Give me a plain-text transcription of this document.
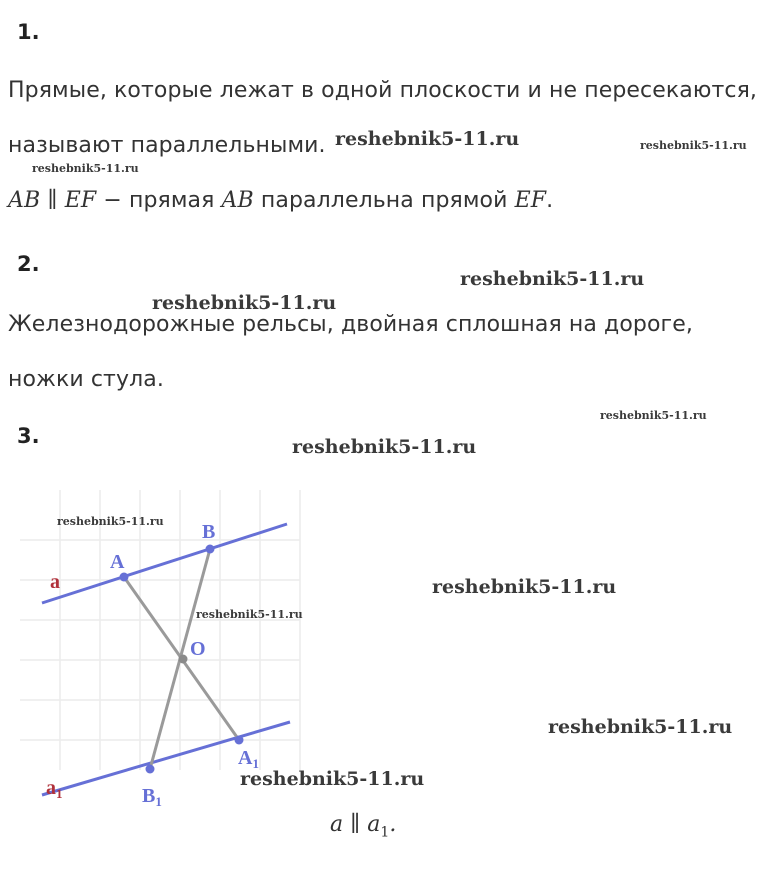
1.
Прямые, которые лежат в одной плоскости и не пересекаются,
называют параллельными.
AB ∥ EF − прямая AB параллельна прямой EF.
2.
Железнодорожные рельсы, двойная сплошная на дороге,
ножки стула.
3.
a
$a_1$
A
B
O
$A_1$
$B_1$
a ∥ $a_1$.
reshebnik5-11.ru	reshebnik5-11.ru
reshebnik5-11.ru
reshebnik5-11.ru
reshebnik5-11.ru
reshebnik5-11.ru
reshebnik5-11.ru
reshebnik5-11.ru
reshebnik5-11.ru
reshebnik5-11.ru
reshebnik5-11.ru
reshebnik5-11.ru
